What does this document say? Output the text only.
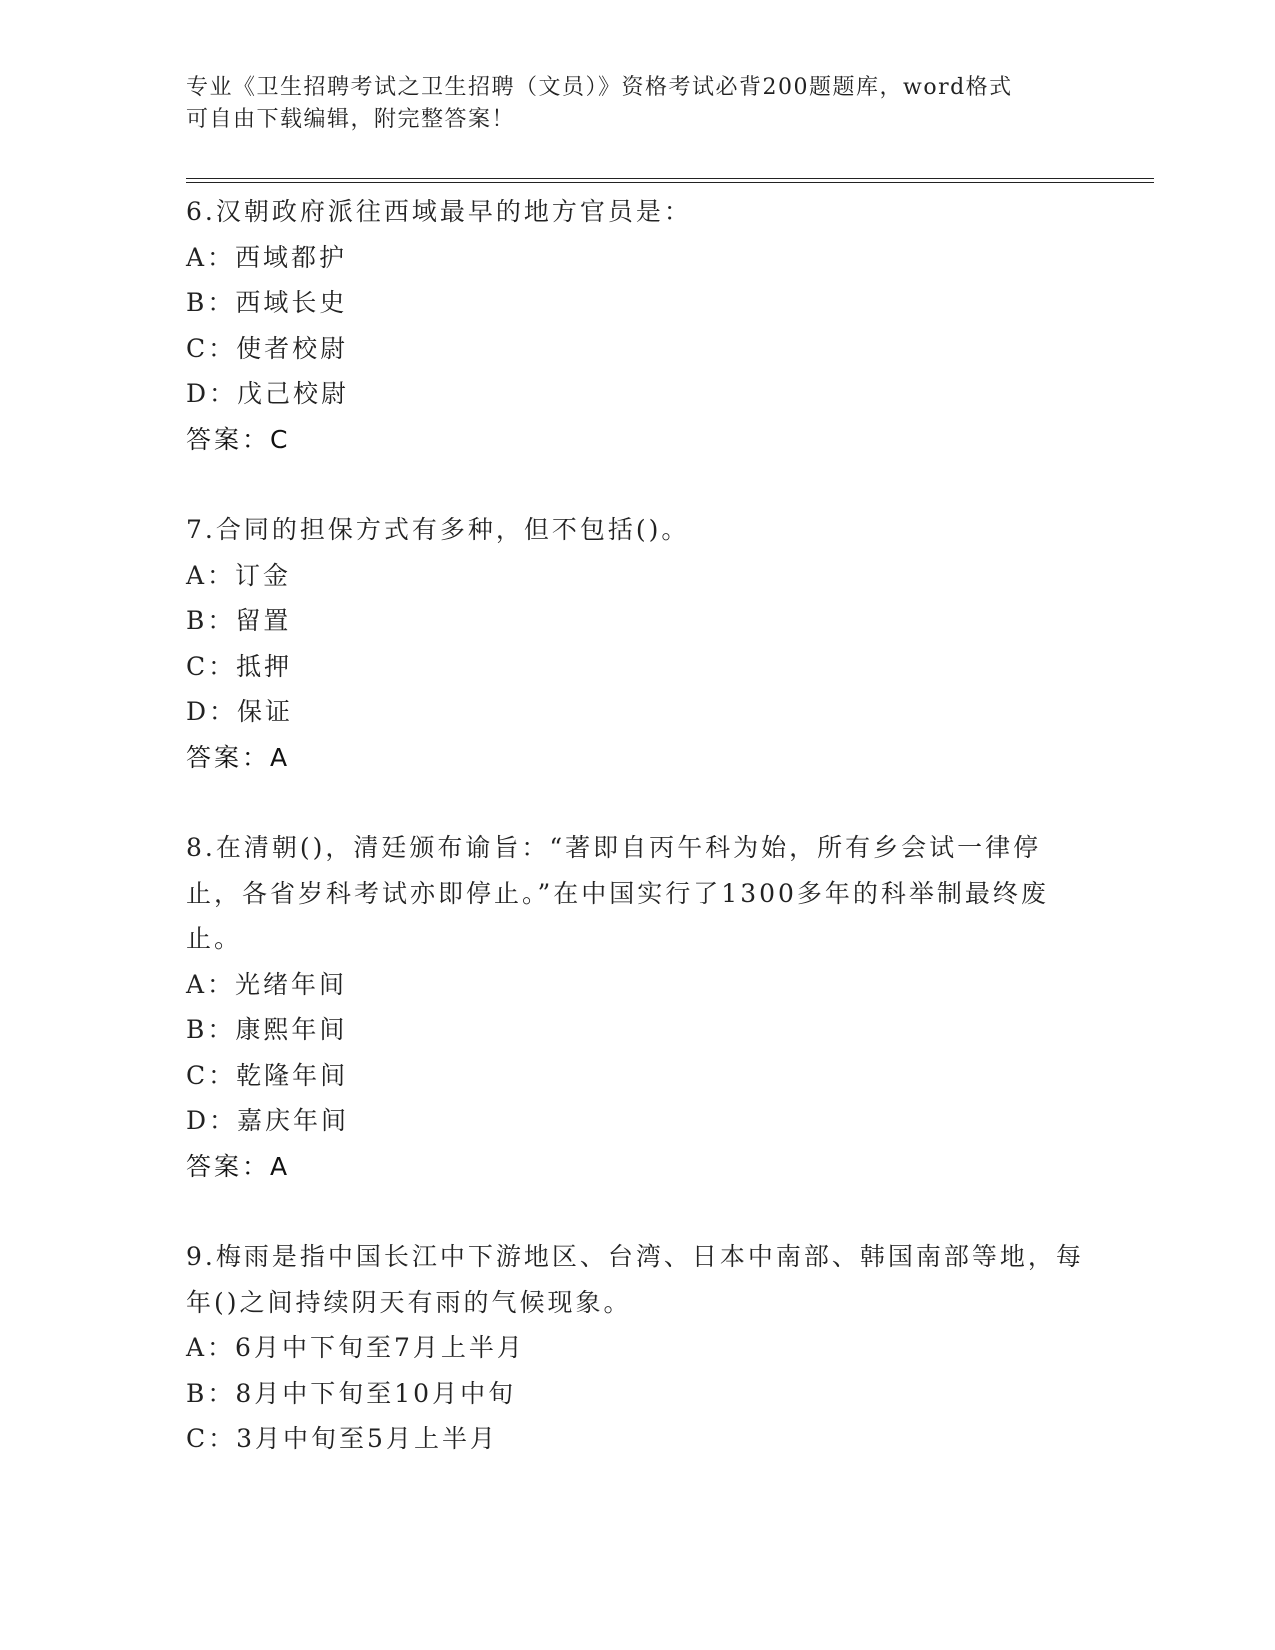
专业《卫生招聘考试之卫生招聘（文员）》资格考试必背200题题库，word格式
可自由下载编辑，附完整答案！
6.汉朝政府派往西域最早的地方官员是：
A：西域都护
B：西域长史
C：使者校尉
D：戊己校尉
答案：C
7.合同的担保方式有多种，但不包括()。
A：订金
B：留置
C：抵押
D：保证
答案：A
8.在清朝()，清廷颁布谕旨：“著即自丙午科为始，所有乡会试一律停止，各省岁科考试亦即停止。”在中国实行了1300多年的科举制最终废止。
A：光绪年间
B：康熙年间
C：乾隆年间
D：嘉庆年间
答案：A
9.梅雨是指中国长江中下游地区、台湾、日本中南部、韩国南部等地，每年()之间持续阴天有雨的气候现象。
A：6月中下旬至7月上半月
B：8月中下旬至10月中旬
C：3月中旬至5月上半月
